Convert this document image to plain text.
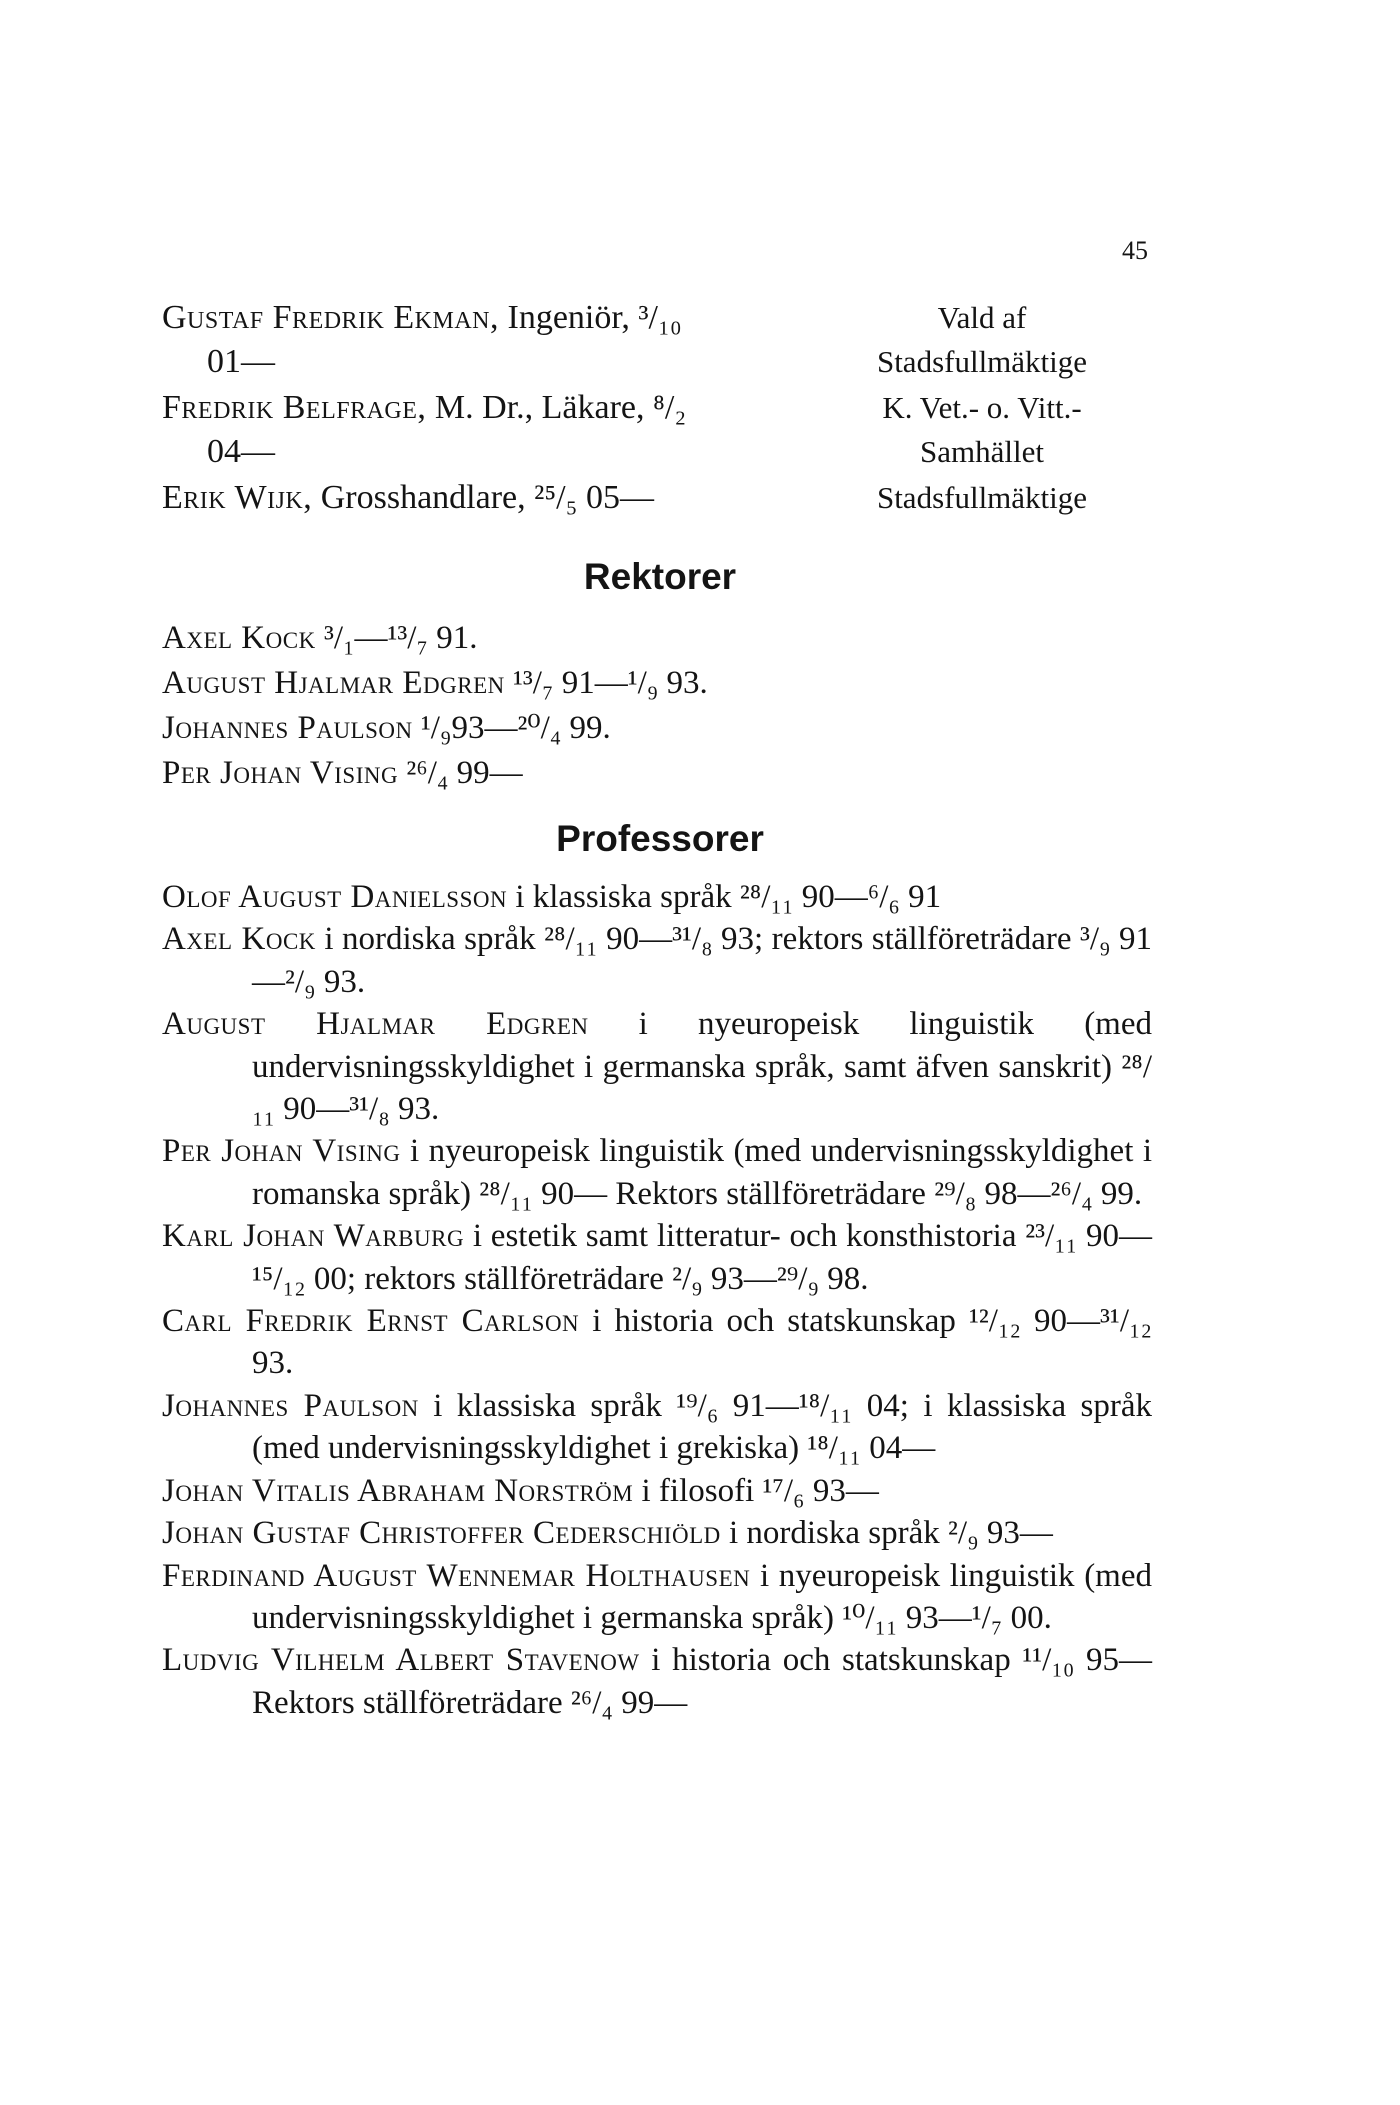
45
Gustaf Fredrik Ekman, Ingeniör, ³/₁₀
01—
Vald af
Stadsfullmäktige
Fredrik Belfrage, M. Dr., Läkare, ⁸/₂
04—
K. Vet.- o. Vitt.-
Samhället
Erik Wijk, Grosshandlare, ²⁵/₅ 05—	Stadsfullmäktige
Rektorer
Axel Kock ³/₁—¹³/₇ 91.
August Hjalmar Edgren ¹³/₇ 91—¹/₉ 93.
Johannes Paulson ¹/₉93—²⁰/₄ 99.
Per Johan Vising ²⁶/₄ 99—
Professorer
Olof August Danielsson i klassiska språk ²⁸/₁₁ 90—⁶/₆ 91
Axel Kock i nordiska språk ²⁸/₁₁ 90—³¹/₈ 93; rektors ställföreträdare ³/₉ 91—²/₉ 93.
August Hjalmar Edgren i nyeuropeisk linguistik (med undervisningsskyldighet i germanska språk, samt äfven sanskrit) ²⁸/₁₁ 90—³¹/₈ 93.
Per Johan Vising i nyeuropeisk linguistik (med undervisningsskyldighet i romanska språk) ²⁸/₁₁ 90— Rektors ställföreträdare ²⁹/₈ 98—²⁶/₄ 99.
Karl Johan Warburg i estetik samt litteratur- och konsthistoria ²³/₁₁ 90—¹⁵/₁₂ 00; rektors ställföreträdare ²/₉ 93—²⁹/₉ 98.
Carl Fredrik Ernst Carlson i historia och statskunskap ¹²/₁₂ 90—³¹/₁₂ 93.
Johannes Paulson i klassiska språk ¹⁹/₆ 91—¹⁸/₁₁ 04; i klassiska språk (med undervisningsskyldighet i grekiska) ¹⁸/₁₁ 04—
Johan Vitalis Abraham Norström i filosofi ¹⁷/₆ 93—
Johan Gustaf Christoffer Cederschiöld i nordiska språk ²/₉ 93—
Ferdinand August Wennemar Holthausen i nyeuropeisk linguistik (med undervisningsskyldighet i germanska språk) ¹⁰/₁₁ 93—¹/₇ 00.
Ludvig Vilhelm Albert Stavenow i historia och statskunskap ¹¹/₁₀ 95— Rektors ställföreträdare ²⁶/₄ 99—
